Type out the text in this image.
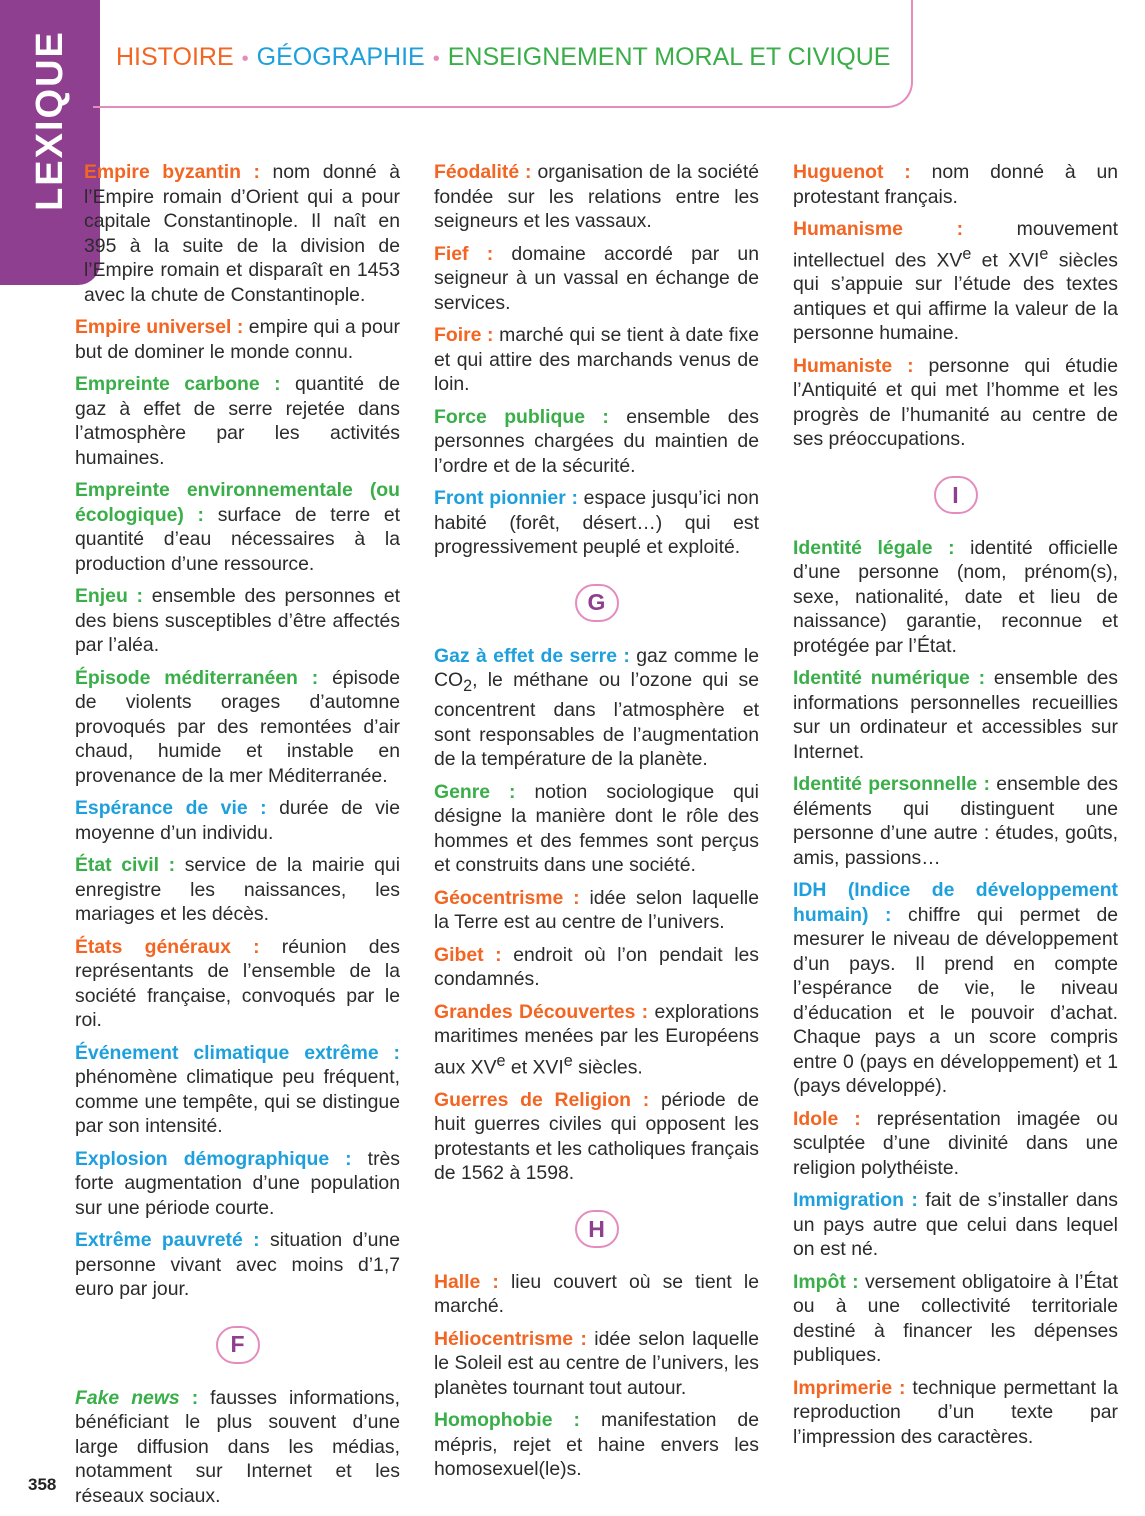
LEXIQUE HISTOIRE • GÉOGRAPHIE • ENSEIGNEMENT MORAL ET CIVIQUE

Empire byzantin : nom donné à l’Empire romain d’Orient qui a pour capitale Constantinople. Il naît en 395 à la suite de la division de l’Empire romain et disparaît en 1453 avec la chute de Constantinople.

Empire universel : empire qui a pour but de dominer le monde connu.

Empreinte carbone : quantité de gaz à effet de serre rejetée dans l’atmosphère par les activités humaines.

Empreinte environnementale (ou écologique) : surface de terre et quantité d’eau nécessaires à la production d’une ressource.

Enjeu : ensemble des personnes et des biens susceptibles d’être affectés par l’aléa.

Épisode méditerranéen : épisode de violents orages d’automne provoqués par des remontées d’air chaud, humide et instable en provenance de la mer Méditerranée.

Espérance de vie : durée de vie moyenne d’un individu.

État civil : service de la mairie qui enregistre les naissances, les mariages et les décès.

États généraux : réunion des représentants de l’ensemble de la société française, convoqués par le roi.

Événement climatique extrême : phénomène climatique peu fréquent, comme une tempête, qui se distingue par son intensité.

Explosion démographique : très forte augmentation d’une population sur une période courte.

Extrême pauvreté : situation d’une personne vivant avec moins d’1,7 euro par jour.

F

Fake news : fausses informations, bénéficiant le plus souvent d’une large diffusion dans les médias, notamment sur Internet et les réseaux sociaux.

Féodalité : organisation de la société fondée sur les relations entre les seigneurs et les vassaux.

Fief : domaine accordé par un seigneur à un vassal en échange de services.

Foire : marché qui se tient à date fixe et qui attire des marchands venus de loin.

Force publique : ensemble des personnes chargées du maintien de l’ordre et de la sécurité.

Front pionnier : espace jusqu’ici non habité (forêt, désert…) qui est progressivement peuplé et exploité.

G

Gaz à effet de serre : gaz comme le $CO_2$, le méthane ou l’ozone qui se concentrent dans l’atmosphère et sont responsables de l’augmentation de la température de la planète.

Genre : notion sociologique qui désigne la manière dont le rôle des hommes et des femmes sont perçus et construits dans une société.

Géocentrisme : idée selon laquelle la Terre est au centre de l’univers.

Gibet : endroit où l’on pendait les condamnés.

Grandes Découvertes : explorations maritimes menées par les Européens aux XVe et XVIe siècles.

Guerres de Religion : période de huit guerres civiles qui opposent les protestants et les catholiques français de 1562 à 1598.

H

Halle : lieu couvert où se tient le marché.

Héliocentrisme : idée selon laquelle le Soleil est au centre de l’univers, les planètes tournant tout autour.

Homophobie : manifestation de mépris, rejet et haine envers les homosexuel(le)s.

Huguenot : nom donné à un protestant français.

Humanisme : mouvement intellectuel des XVe et XVIe siècles qui s’appuie sur l’étude des textes antiques et qui affirme la valeur de la personne humaine.

Humaniste : personne qui étudie l’Antiquité et qui met l’homme et les progrès de l’humanité au centre de ses préoccupations.

I

Identité légale : identité officielle d’une personne (nom, prénom(s), sexe, nationalité, date et lieu de naissance) garantie, reconnue et protégée par l’État.

Identité numérique : ensemble des informations personnelles recueillies sur un ordinateur et accessibles sur Internet.

Identité personnelle : ensemble des éléments qui distinguent une personne d’une autre : études, goûts, amis, passions…

IDH (Indice de développement humain) : chiffre qui permet de mesurer le niveau de développement d’un pays. Il prend en compte l’espérance de vie, le niveau d’éducation et le pouvoir d’achat. Chaque pays a un score compris entre 0 (pays en développement) et 1 (pays développé).

Idole : représentation imagée ou sculptée d’une divinité dans une religion polythéiste.

Immigration : fait de s’installer dans un pays autre que celui dans lequel on est né.

Impôt : versement obligatoire à l’État ou à une collectivité territoriale destiné à financer les dépenses publiques.

Imprimerie : technique permettant la reproduction d’un texte par l’impression des caractères.

358
